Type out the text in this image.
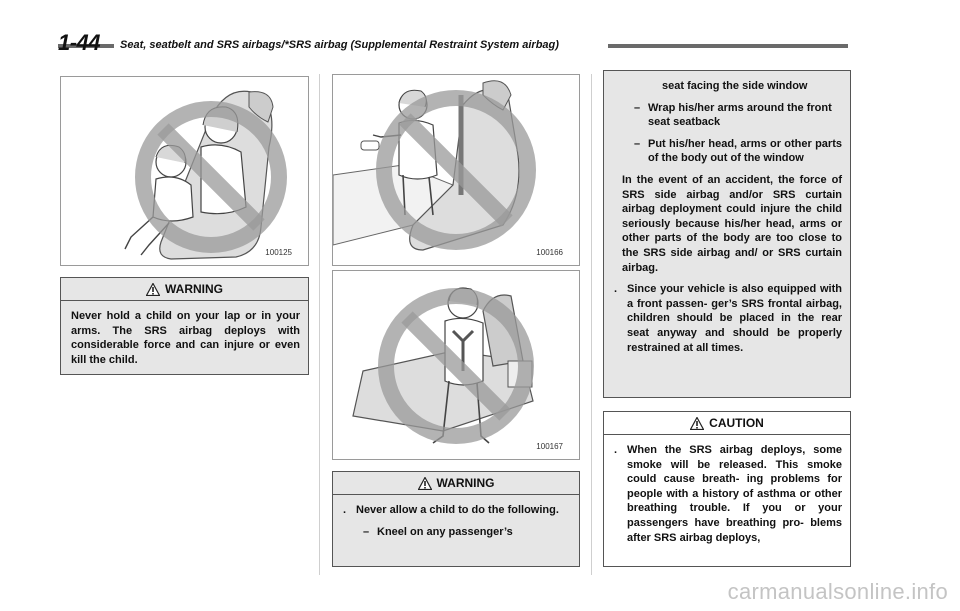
1-44 Seat, seatbelt and SRS airbags/*SRS airbag (Supplemental Restraint System airbag)
100125
WARNING

Never hold a child on your lap or in your arms. The SRS airbag deploys with considerable force and can injure or even kill the child.

100166
100167
WARNING
. Never allow a child to do the following.
– Kneel on any passenger’s

seat facing the side window

– Wrap his/her arms around the front seat seatback
– Put his/her head, arms or other parts of the body out of the window

In the event of an accident, the force of SRS side airbag and/or SRS curtain airbag deployment could injure the child seriously because his/her head, arms or other parts of the body are too close to the SRS side airbag and/ or SRS curtain airbag.

. Since your vehicle is also equipped with a front passen- ger’s SRS frontal airbag, children should be placed in the rear seat anyway and should be properly restrained at all times.
CAUTION
. When the SRS airbag deploys, some smoke will be released. This smoke could cause breath- ing problems for people with a history of asthma or other breathing trouble. If you or your passengers have breathing pro- blems after SRS airbag deploys,
carmanualsonline.info
